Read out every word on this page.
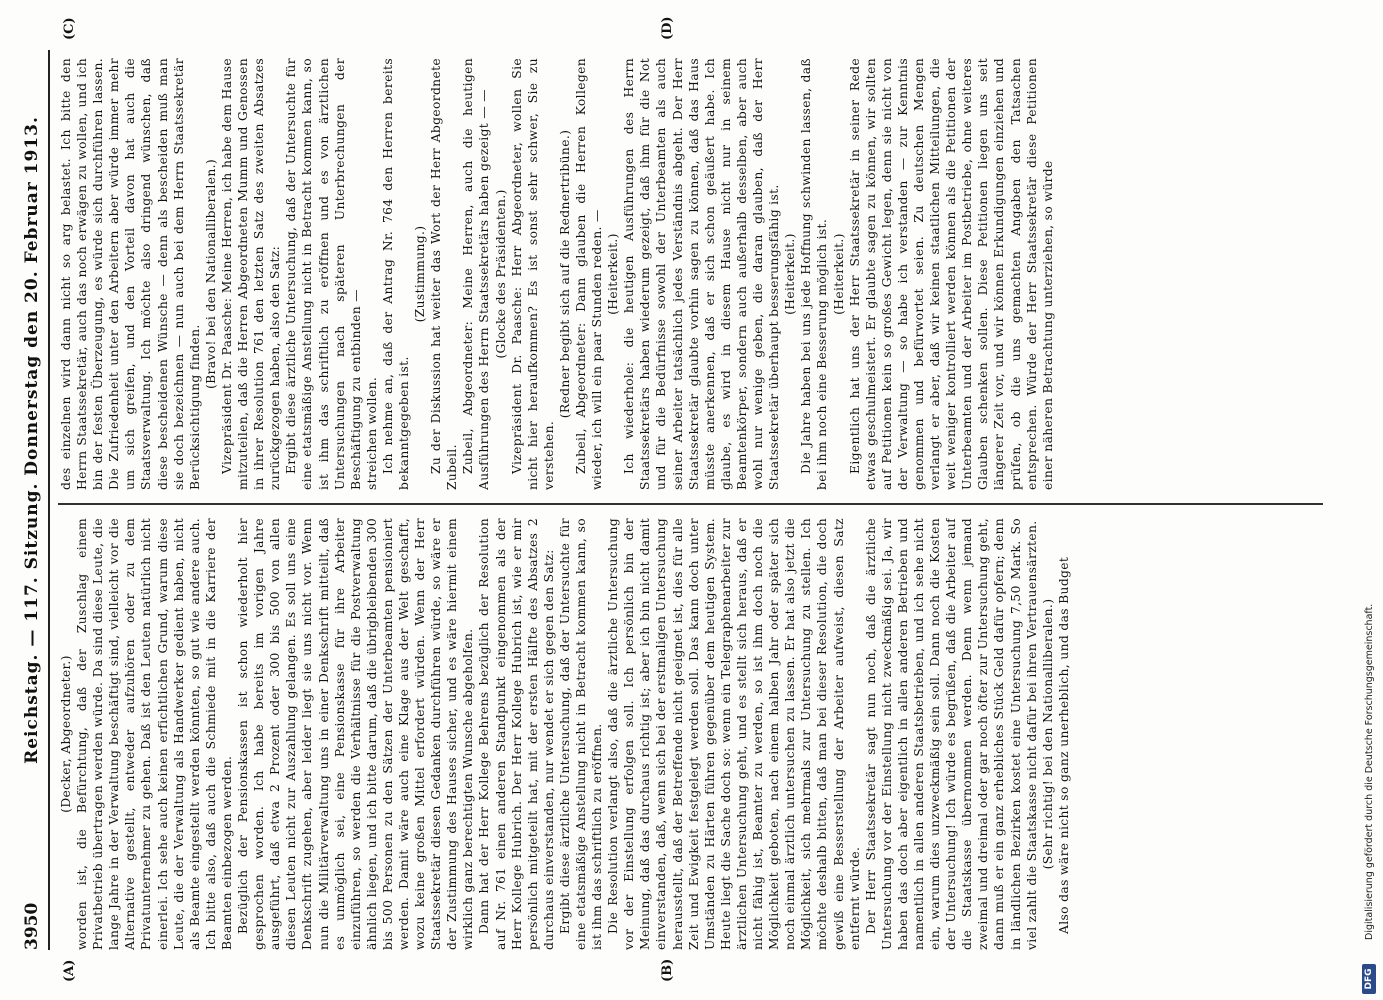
3950
Reichstag. — 117. Sitzung. Donnerstag den 20. Februar 1913.
(A)	(B)
(C)	(D)

(Decker, Abgeordneter.) worden ist, die Befürchtung, daß der Zuschlag einem Privatbetrieb übertragen werden würde. Da sind diese Leute, die lange Jahre in der Verwaltung beschäftigt sind, vielleicht vor die Alternative gestellt, entweder aufzuhören oder zu dem Privatunternehmer zu gehen. Daß ist den Leuten natürlich nicht einerlei. Ich sehe auch keinen erfichtlichen Grund, warum diese Leute, die der Verwaltung als Handwerker gedient haben, nicht als Beamte eingestellt werden könnten, so gut wie andere auch. Ich bitte also, daß auch die Schmiede mit in die Karriere der Beamten einbezogen werden. Bezüglich der Pensionskassen ist schon wiederholt hier gesprochen worden. Ich habe bereits im vorigen Jahre ausgeführt, daß etwa 2 Prozent oder 300 bis 500 von allen diesen Leuten nicht zur Auszahlung gelangen. Es soll uns eine Denkschrift zugehen, aber leider liegt sie uns nicht vor. Wenn nun die Militärverwaltung uns in einer Denkschrift mitteilt, daß es unmöglich sei, eine Pensionskasse für ihre Arbeiter einzuführen, so werden die Verhältnisse für die Postverwaltung ähnlich liegen, und ich bitte darum, daß die übrigbleibenden 300 bis 500 Personen zu den Sätzen der Unterbeamten pensioniert werden. Damit wäre auch eine Klage aus der Welt geschafft, wozu keine großen Mittel erfordert würden. Wenn der Herr Staatssekretär diesen Gedanken durchführen würde, so wäre er der Zustimmung des Hauses sicher, und es wäre hiermit einem wirklich ganz berechtigten Wunsche abgeholfen. Dann hat der Herr Kollege Behrens bezüglich der Resolution auf Nr. 761 einen anderen Standpunkt eingenommen als der Herr Kollege Hubrich. Der Herr Kollege Hubrich ist, wie er mir persönlich mitgeteilt hat, mit der ersten Hälfte des Absatzes 2 durchaus einverstanden, nur wendet er sich gegen den Satz: Ergibt diese ärztliche Untersuchung, daß der Untersuchte für eine etatsmäßige Anstellung nicht in Betracht kommen kann, so ist ihm das schriftlich zu eröffnen. Die Resolution verlangt also, daß die ärztliche Untersuchung vor der Einstellung erfolgen soll. Ich persönlich bin der Meinung, daß das durchaus richtig ist; aber ich bin nicht damit einverstanden, daß, wenn sich bei der erstmaligen Untersuchung herausstellt, daß der Betreffende nicht geeignet ist, dies für alle Zeit und Ewigkeit festgelegt werden soll. Das kann doch unter Umständen zu Härten führen gegenüber dem heutigen System. Heute liegt die Sache doch so: wenn ein Telegraphenarbeiter zur ärztlichen Untersuchung geht, und es stellt sich heraus, daß er nicht fähig ist, Beamter zu werden, so ist ihm doch noch die Möglichkeit geboten, nach einem halben Jahr oder später sich noch einmal ärztlich untersuchen zu lassen. Er hat also jetzt die Möglichkeit, sich mehrmals zur Untersuchung zu stellen. Ich möchte deshalb bitten, daß man bei dieser Resolution, die doch gewiß eine Besserstellung der Arbeiter aufweist, diesen Satz entfernt würde. Der Herr Staatssekretär sagt nun noch, daß die ärztliche Untersuchung vor der Einstellung nicht zweckmäßig sei. Ja, wir haben das doch aber eigentlich in allen anderen Betrieben und namentlich in allen anderen Staatsbetrieben, und ich sehe nicht ein, warum dies unzweckmäßig sein soll. Dann noch die Kosten der Untersuchung! Ich würde es begrüßen, daß die Arbeiter auf die Staatskasse übernommen werden. Denn wenn jemand zweimal und dreimal oder gar noch öfter zur Untersuchung geht, dann muß er ein ganz erhebliches Stück Geld dafür opfern; denn in ländlichen Bezirken kostet eine Untersuchung 7,50 Mark. So viel zahlt die Staatskasse nicht dafür bei ihren Vertrauensärzten. (Sehr richtig! bei den Nationalliberalen.) Also das wäre nicht so ganz unerheblich, und das Budget

des einzelnen wird dann nicht so arg belastet. Ich bitte den Herrn Staatssekretär, auch das noch erwägen zu wollen, und ich bin der festen Überzeugung, es würde sich durchführen lassen. Die Zufriedenheit unter den Arbeitern aber würde immer mehr um sich greifen, und den Vorteil davon hat auch die Staatsverwaltung. Ich möchte also dringend wünschen, daß diese bescheidenen Wünsche — denn als bescheiden muß man sie doch bezeichnen — nun auch bei dem Herrn Staatssekretär Berücksichtigung finden.

(Bravo! bei den Nationalliberalen.) Vizepräsident Dr. Paasche: Meine Herren, ich habe dem Hause mitzuteilen, daß die Herren Abgeordneten Mumm und Genossen in ihrer Resolution 761 den letzten Satz des zweiten Absatzes zurückgezogen haben, also den Satz: Ergibt diese ärztliche Untersuchung, daß der Untersuchte für eine etatsmäßige Anstellung nicht in Betracht kommen kann, so ist ihm das schriftlich zu eröffnen und es von ärztlichen Untersuchungen nach späteren Unterbrechungen der Beschäftigung zu entbinden — streichen wollen. Ich nehme an, daß der Antrag Nr. 764 den Herren bereits bekanntgegeben ist.

(Zustimmung.) Zu der Diskussion hat weiter das Wort der Herr Abgeordnete Zubeil. Zubeil, Abgeordneter: Meine Herren, auch die heutigen Ausführungen des Herrn Staatssekretärs haben gezeigt — — (Glocke des Präsidenten.) Vizepräsident Dr. Paasche: Herr Abgeordneter, wollen Sie nicht hier heraufkommen? Es ist sonst sehr schwer, Sie zu verstehen.

(Redner begibt sich auf die Rednertribüne.) Zubeil, Abgeordneter: Dann glauben die Herren Kollegen wieder, ich will ein paar Stunden reden. — (Heiterkeit.) Ich wiederhole: die heutigen Ausführungen des Herrn Staatssekretärs haben wiederum gezeigt, daß ihm für die Not und für die Bedürfnisse sowohl der Unterbeamten als auch seiner Arbeiter tatsächlich jedes Verständnis abgeht. Der Herr Staatssekretär glaubte vorhin sagen zu können, daß das Haus müsste anerkennen, daß er sich schon geäußert habe. Ich glaube, es wird in diesem Hause nicht nur in seinem Beamtenkörper, sondern auch außerhalb desselben, aber auch wohl nur wenige geben, die daran glauben, daß der Herr Staatssekretär überhaupt besserungsfähig ist. (Heiterkeit.) Die Jahre haben bei uns jede Hoffnung schwinden lassen, daß bei ihm noch eine Besserung möglich ist. (Heiterkeit.) Eigentlich hat uns der Herr Staatssekretär in seiner Rede etwas geschulmeistert. Er glaubte sagen zu können, wir sollten auf Petitionen kein so großes Gewicht legen, denn sie nicht von der Verwaltung — so habe ich verstanden — zur Kenntnis genommen und befürwortet seien. Zu deutschen Mengen verlangt er aber, daß wir keinen staatlichen Mitteilungen, die weit weniger kontrolliert werden können als die Petitionen der Unterbeamten und der Arbeiter im Postbetriebe, ohne weiteres Glauben schenken sollen. Diese Petitionen liegen uns seit längerer Zeit vor, und wir können Erkundigungen einziehen und prüfen, ob die uns gemachten Angaben den Tatsachen entsprechen. Würde der Herr Staatssekretär diese Petitionen einer näheren Betrachtung unterziehen, so würde

DFG
Digitalisierung gefördert durch die Deutsche Forschungsgemeinschaft.
